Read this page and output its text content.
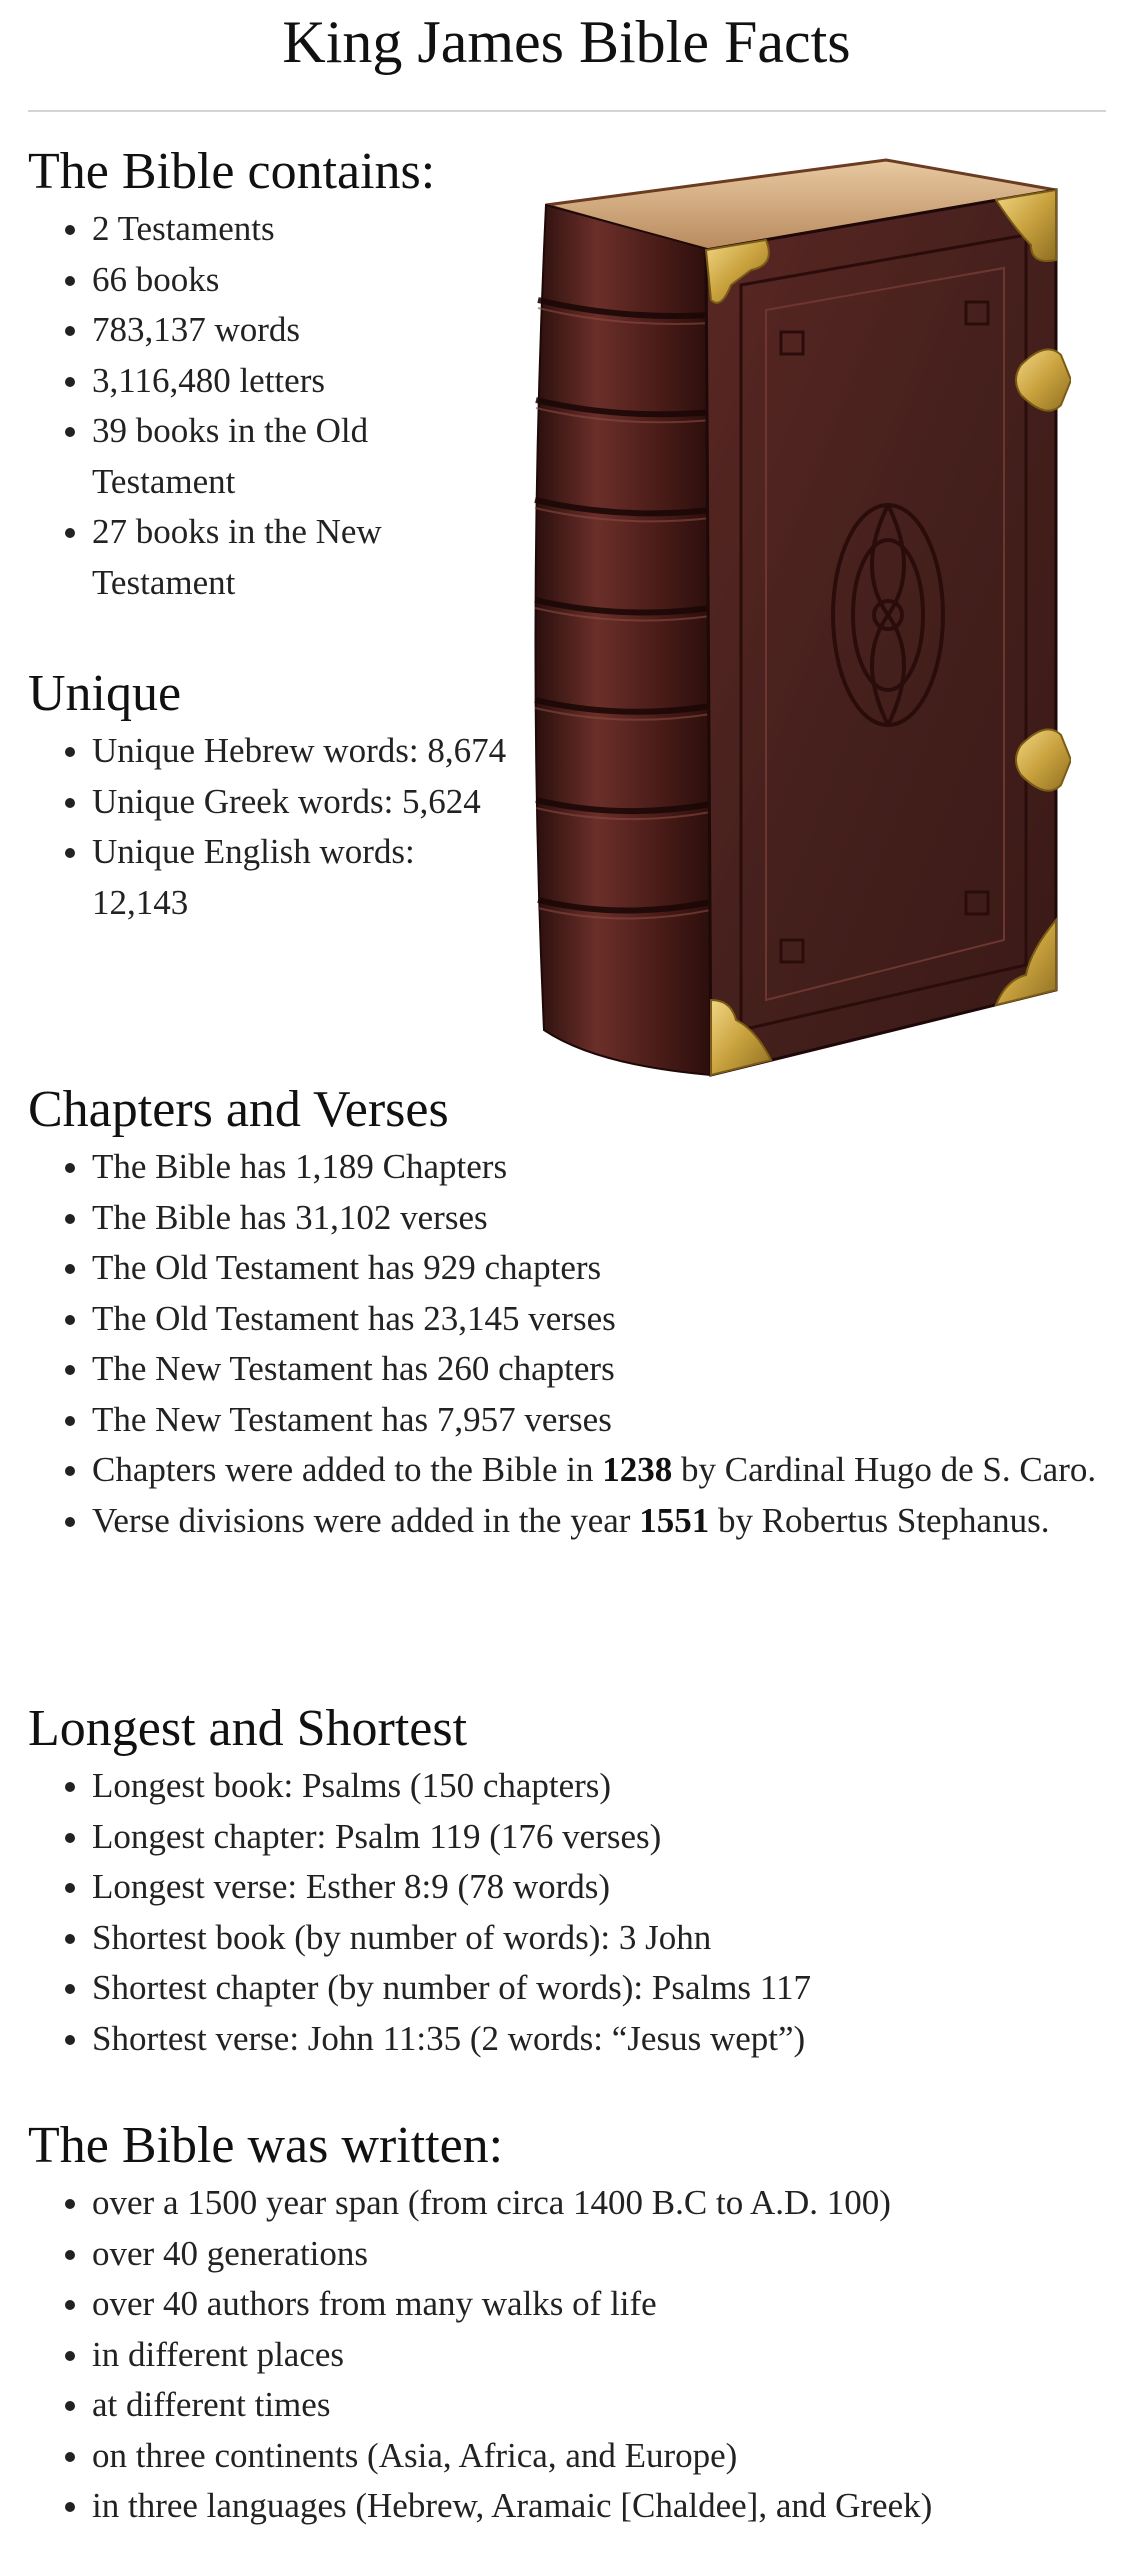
King James Bible Facts
The Bible contains:
• 2 Testaments
• 66 books
• 783,137 words
• 3,116,480 letters
• 39 books in the Old Testament
• 27 books in the New Testament
Unique
• Unique Hebrew words: 8,674
• Unique Greek words: 5,624
• Unique English words: 12,143
Chapters and Verses
• The Bible has 1,189 Chapters
• The Bible has 31,102 verses
• The Old Testament has 929 chapters
• The Old Testament has 23,145 verses
• The New Testament has 260 chapters
• The New Testament has 7,957 verses
• Chapters were added to the Bible in 1238 by Cardinal Hugo de S. Caro.
• Verse divisions were added in the year 1551 by Robertus Stephanus.
Longest and Shortest
• Longest book: Psalms (150 chapters)
• Longest chapter: Psalm 119 (176 verses)
• Longest verse: Esther 8:9 (78 words)
• Shortest book (by number of words): 3 John
• Shortest chapter (by number of words): Psalms 117
• Shortest verse: John 11:35 (2 words: “Jesus wept”)
The Bible was written:
• over a 1500 year span (from circa 1400 B.C to A.D. 100)
• over 40 generations
• over 40 authors from many walks of life
• in different places
• at different times
• on three continents (Asia, Africa, and Europe)
• in three languages (Hebrew, Aramaic [Chaldee], and Greek)
